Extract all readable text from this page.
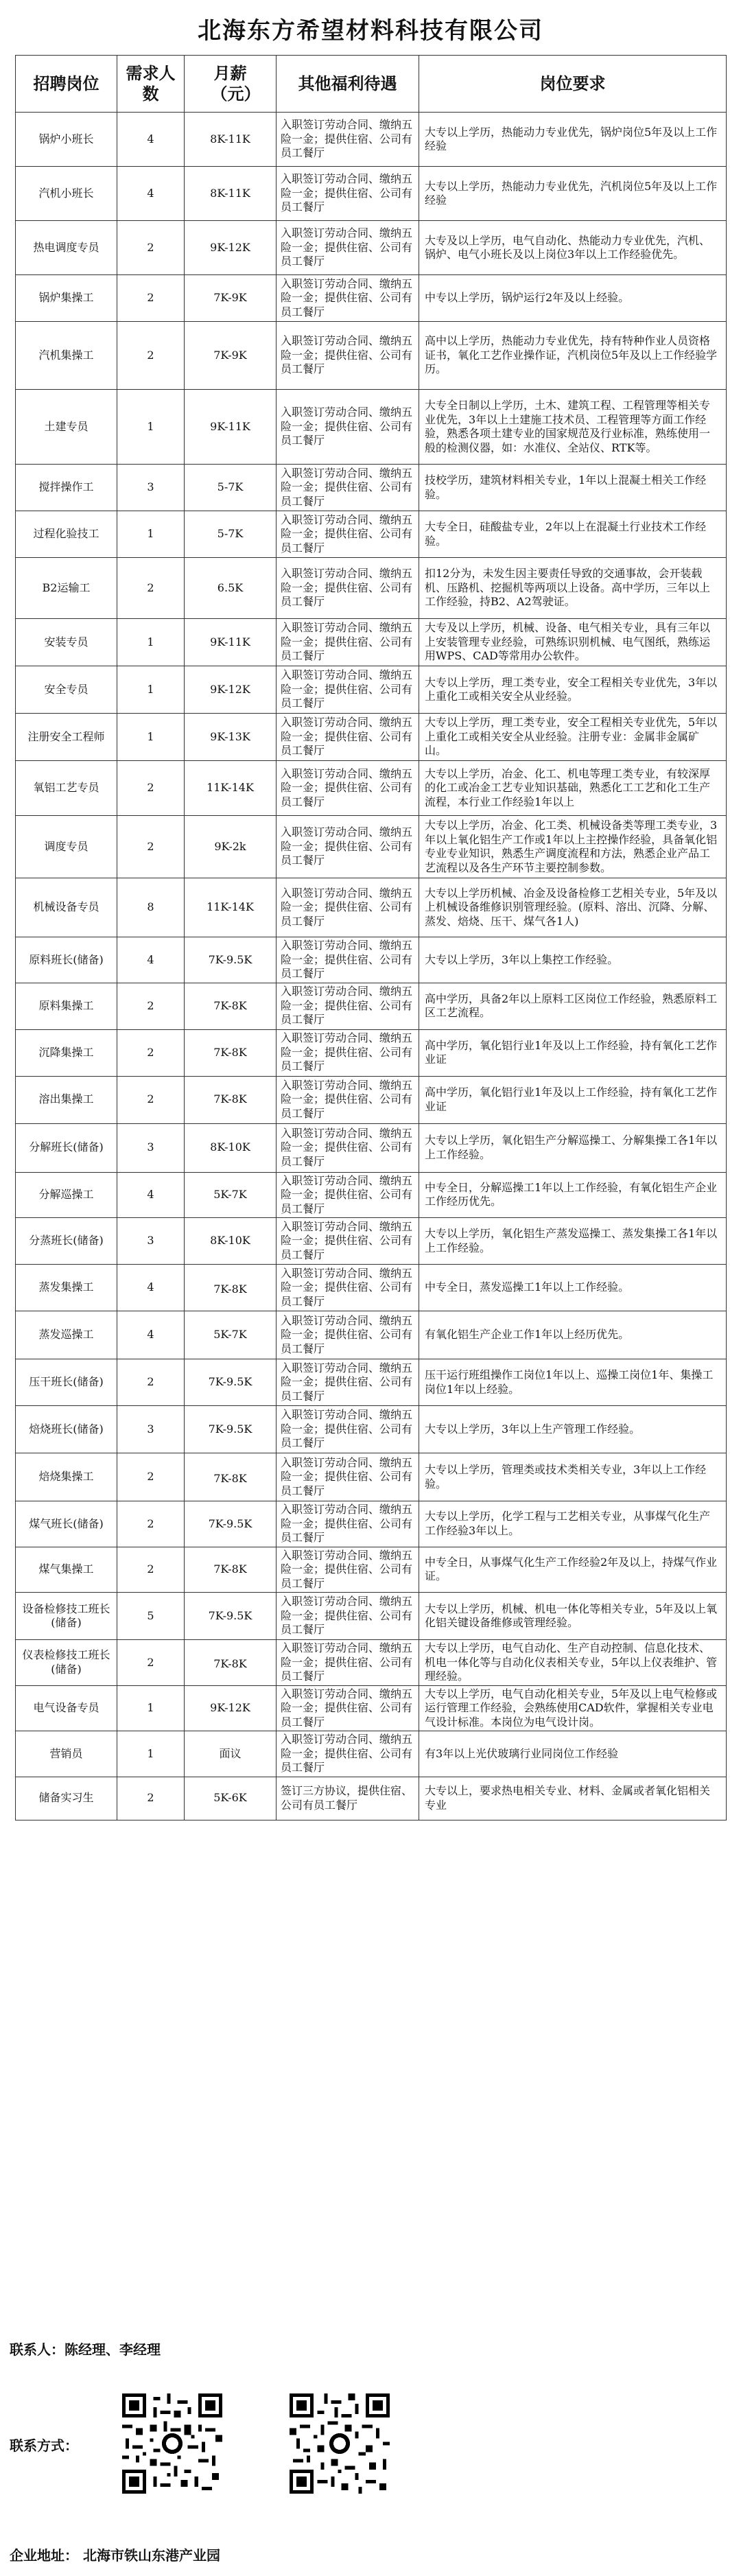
北海东方希望材料科技有限公司
招聘岗位	需求人数	月薪（元）	其他福利待遇	岗位要求
锅炉小班长	4	8K-11K	入职签订劳动合同、缴纳五险一金；提供住宿、公司有员工餐厅	大专以上学历，热能动力专业优先，锅炉岗位5年及以上工作经验
汽机小班长	4	8K-11K	入职签订劳动合同、缴纳五险一金；提供住宿、公司有员工餐厅	大专以上学历，热能动力专业优先，汽机岗位5年及以上工作经验
热电调度专员	2	9K-12K	入职签订劳动合同、缴纳五险一金；提供住宿、公司有员工餐厅	大专及以上学历，电气自动化、热能动力专业优先，汽机、锅炉、电气小班长及以上岗位3年以上工作经验优先。
锅炉集操工	2	7K-9K	入职签订劳动合同、缴纳五险一金；提供住宿、公司有员工餐厅	中专以上学历，锅炉运行2年及以上经验。
汽机集操工	2	7K-9K	入职签订劳动合同、缴纳五险一金；提供住宿、公司有员工餐厅	高中以上学历，热能动力专业优先，持有特种作业人员资格证书，氧化工艺作业操作证，汽机岗位5年及以上工作经验学历。
土建专员	1	9K-11K	入职签订劳动合同、缴纳五险一金；提供住宿、公司有员工餐厅	大专全日制以上学历，土木、建筑工程、工程管理等相关专业优先，3年以上土建施工技术员、工程管理等方面工作经验，熟悉各项土建专业的国家规范及行业标准，熟练使用一般的检测仪器，如：水准仪、全站仪、RTK等。
搅拌操作工	3	5-7K	入职签订劳动合同、缴纳五险一金；提供住宿、公司有员工餐厅	技校学历，建筑材料相关专业，1年以上混凝土相关工作经验。
过程化验技工	1	5-7K	入职签订劳动合同、缴纳五险一金；提供住宿、公司有员工餐厅	大专全日，硅酸盐专业，2年以上在混凝土行业技术工作经验。
B2运输工	2	6.5K	入职签订劳动合同、缴纳五险一金；提供住宿、公司有员工餐厅	扣12分为，未发生因主要责任导致的交通事故，会开装载机、压路机、挖掘机等两项以上设备。高中学历，三年以上工作经验，持B2、A2驾驶证。
安装专员	1	9K-11K	入职签订劳动合同、缴纳五险一金；提供住宿、公司有员工餐厅	大专及以上学历，机械、设备、电气相关专业，具有三年以上安装管理专业经验，可熟练识别机械、电气图纸，熟练运用WPS、CAD等常用办公软件。
安全专员	1	9K-12K	入职签订劳动合同、缴纳五险一金；提供住宿、公司有员工餐厅	大专以上学历，理工类专业，安全工程相关专业优先，3年以上重化工或相关安全从业经验。
注册安全工程师	1	9K-13K	入职签订劳动合同、缴纳五险一金；提供住宿、公司有员工餐厅	大专以上学历，理工类专业，安全工程相关专业优先，5年以上重化工或相关安全从业经验。注册专业：金属非金属矿山。
氧铝工艺专员	2	11K-14K	入职签订劳动合同、缴纳五险一金；提供住宿、公司有员工餐厅	大专以上学历，冶金、化工、机电等理工类专业，有较深厚的化工或冶金工艺专业知识基础，熟悉化工工艺和化工生产流程，本行业工作经验1年以上
调度专员	2	9K-2k	入职签订劳动合同、缴纳五险一金；提供住宿、公司有员工餐厅	大专以上学历，冶金、化工类、机械设备类等理工类专业，3年以上氧化铝生产工作或1年以上主控操作经验，具备氧化铝专业专业知识，熟悉生产调度流程和方法，熟悉企业产品工艺流程以及各生产环节主要控制参数。
机械设备专员	8	11K-14K	入职签订劳动合同、缴纳五险一金；提供住宿、公司有员工餐厅	大专以上学历机械、冶金及设备检修工艺相关专业，5年及以上机械设备维修识别管理经验。(原料、溶出、沉降、分解、蒸发、焙烧、压干、煤气各1人)
原料班长(储备)	4	7K-9.5K	入职签订劳动合同、缴纳五险一金；提供住宿、公司有员工餐厅	大专以上学历，3年以上集控工作经验。
原料集操工	2	7K-8K	入职签订劳动合同、缴纳五险一金；提供住宿、公司有员工餐厅	高中学历，具备2年以上原料工区岗位工作经验，熟悉原料工区工艺流程。
沉降集操工	2	7K-8K	入职签订劳动合同、缴纳五险一金；提供住宿、公司有员工餐厅	高中学历，氧化铝行业1年及以上工作经验，持有氧化工艺作业证
溶出集操工	2	7K-8K	入职签订劳动合同、缴纳五险一金；提供住宿、公司有员工餐厅	高中学历，氧化铝行业1年及以上工作经验，持有氧化工艺作业证
分解班长(储备)	3	8K-10K	入职签订劳动合同、缴纳五险一金；提供住宿、公司有员工餐厅	大专以上学历，氧化铝生产分解巡操工、分解集操工各1年以上工作经验。
分解巡操工	4	5K-7K	入职签订劳动合同、缴纳五险一金；提供住宿、公司有员工餐厅	中专全日，分解巡操工1年以上工作经验，有氧化铝生产企业工作经历优先。
分蒸班长(储备)	3	8K-10K	入职签订劳动合同、缴纳五险一金；提供住宿、公司有员工餐厅	大专以上学历，氧化铝生产蒸发巡操工、蒸发集操工各1年以上工作经验。
蒸发集操工	4	7K-8K	入职签订劳动合同、缴纳五险一金；提供住宿、公司有员工餐厅	中专全日，蒸发巡操工1年以上工作经验。
蒸发巡操工	4	5K-7K	入职签订劳动合同、缴纳五险一金；提供住宿、公司有员工餐厅	有氧化铝生产企业工作1年以上经历优先。
压干班长(储备)	2	7K-9.5K	入职签订劳动合同、缴纳五险一金；提供住宿、公司有员工餐厅	压干运行班组操作工岗位1年以上、巡操工岗位1年、集操工岗位1年以上经验。
焙烧班长(储备)	3	7K-9.5K	入职签订劳动合同、缴纳五险一金；提供住宿、公司有员工餐厅	大专以上学历，3年以上生产管理工作经验。
焙烧集操工	2	7K-8K	入职签订劳动合同、缴纳五险一金；提供住宿、公司有员工餐厅	大专以上学历，管理类或技术类相关专业，3年以上工作经验。
煤气班长(储备)	2	7K-9.5K	入职签订劳动合同、缴纳五险一金；提供住宿、公司有员工餐厅	大专以上学历，化学工程与工艺相关专业，从事煤气化生产工作经验3年以上。
煤气集操工	2	7K-8K	入职签订劳动合同、缴纳五险一金；提供住宿、公司有员工餐厅	中专全日，从事煤气化生产工作经验2年及以上，持煤气作业证。
设备检修技工班长(储备)	5	7K-9.5K	入职签订劳动合同、缴纳五险一金；提供住宿、公司有员工餐厅	大专以上学历，机械、机电一体化等相关专业，5年及以上氧化铝关键设备维修或管理经验。
仪表检修技工班长(储备)	2	7K-8K	入职签订劳动合同、缴纳五险一金；提供住宿、公司有员工餐厅	大专以上学历，电气自动化、生产自动控制、信息化技术、机电一体化等与自动化仪表相关专业，5年以上仪表维护、管理经验。
电气设备专员	1	9K-12K	入职签订劳动合同、缴纳五险一金；提供住宿、公司有员工餐厅	大专以上学历，电气自动化相关专业，5年及以上电气检修或运行管理工作经验，会熟练使用CAD软件，掌握相关专业电气设计标准。本岗位为电气设计岗。
营销员	1	面议	入职签订劳动合同、缴纳五险一金；提供住宿、公司有员工餐厅	有3年以上光伏玻璃行业同岗位工作经验
储备实习生	2	5K-6K	签订三方协议，提供住宿、公司有员工餐厅	大专以上，要求热电相关专业、材料、金属或者氧化铝相关专业
联系人：陈经理、李经理
联系方式：
企业地址： 北海市铁山东港产业园
